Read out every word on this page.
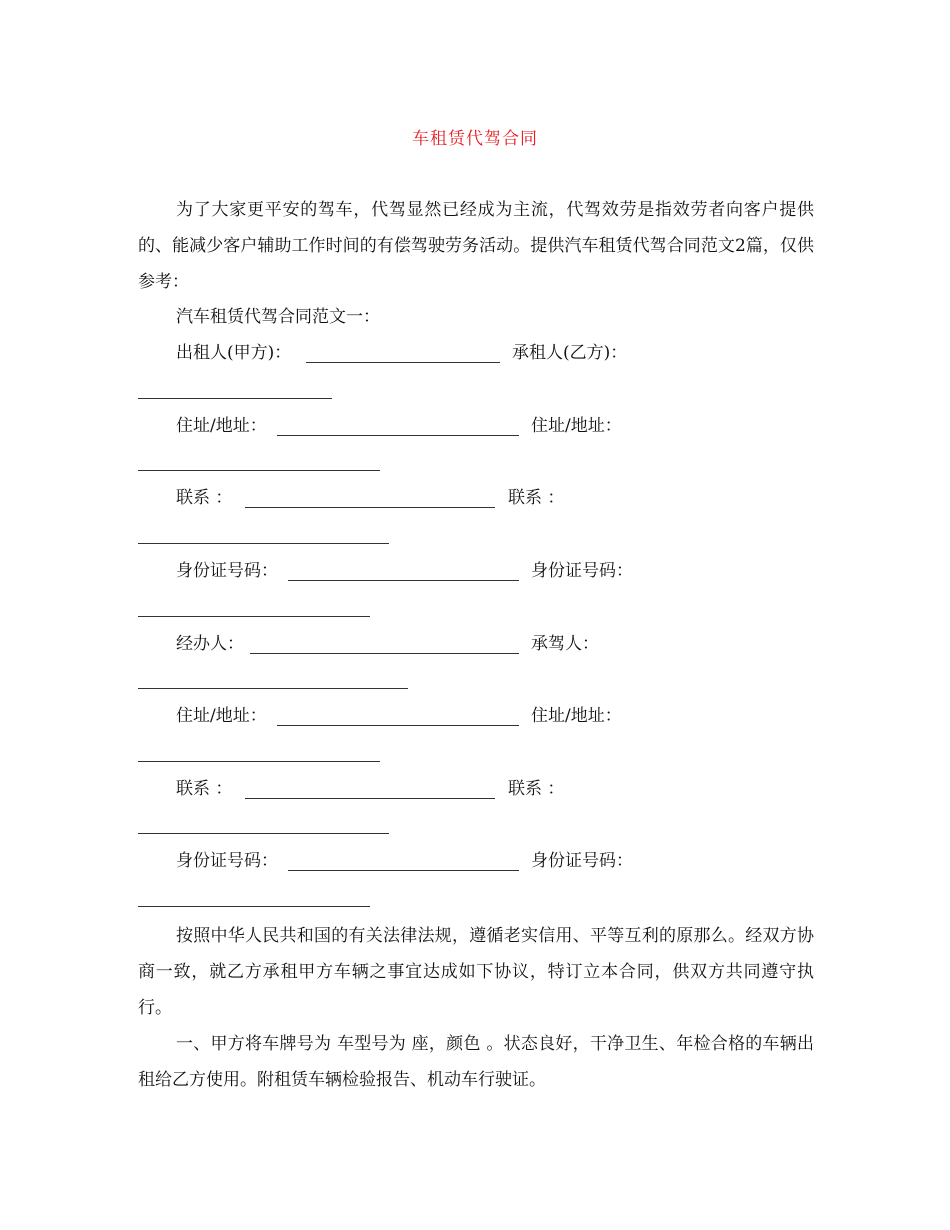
车租赁代驾合同
为了大家更平安的驾车，代驾显然已经成为主流，代驾效劳是指效劳者向客户提供的、能减少客户辅助工作时间的有偿驾驶劳务活动。提供汽车租赁代驾合同范文2篇，仅供参考：
汽车租赁代驾合同范文一：
出租人(甲方)：	承租人(乙方)：
住址/地址：	住址/地址：
联系 ：	联系 ：
身份证号码：	身份证号码：
经办人：	承驾人：
住址/地址：	住址/地址：
联系 ：	联系 ：
身份证号码：	身份证号码：
按照中华人民共和国的有关法律法规，遵循老实信用、平等互利的原那么。经双方协商一致，就乙方承租甲方车辆之事宜达成如下协议，特订立本合同，供双方共同遵守执行。
一、甲方将车牌号为 车型号为 座，颜色 。状态良好，干净卫生、年检合格的车辆出租给乙方使用。附租赁车辆检验报告、机动车行驶证。
